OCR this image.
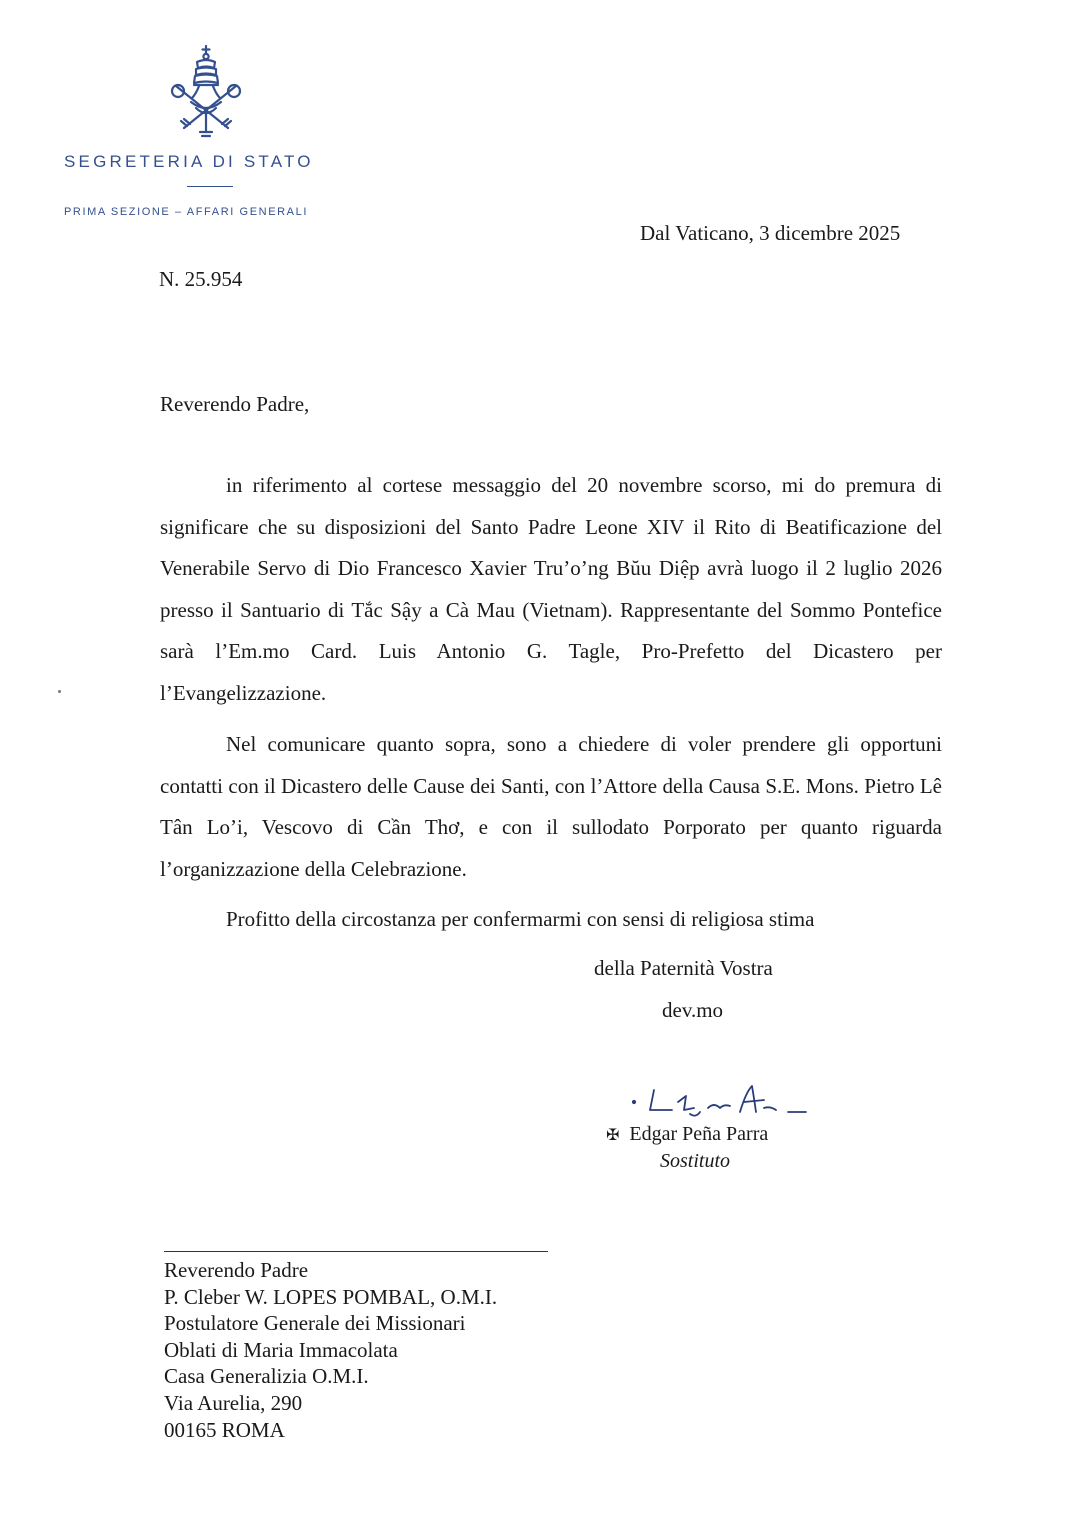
SEGRETERIA DI STATO
PRIMA SEZIONE – AFFARI GENERALI
Dal Vaticano, 3 dicembre 2025
N. 25.954
Reverendo Padre,
in riferimento al cortese messaggio del 20 novembre scorso, mi do premura di significare che su disposizioni del Santo Padre Leone XIV il Rito di Beatificazione del Venerabile Servo di Dio Francesco Xavier Tru’o’ng Bŭu Diệp avrà luogo il 2 luglio 2026 presso il Santuario di Tắc Sậy a Cà Mau (Vietnam). Rappresentante del Sommo Pontefice sarà l’Em.mo Card. Luis Antonio G. Tagle, Pro-Prefetto del Dicastero per l’Evangelizzazione.
Nel comunicare quanto sopra, sono a chiedere di voler prendere gli opportuni contatti con il Dicastero delle Cause dei Santi, con l’Attore della Causa S.E. Mons. Pietro Lê Tân Lo’i, Vescovo di Cần Thơ, e con il sullodato Porporato per quanto riguarda l’organizzazione della Celebrazione.
Profitto della circostanza per confermarmi con sensi di religiosa stima
della Paternità Vostra
dev.mo
✠ Edgar Peña Parra
Sostituto
Reverendo Padre
P. Cleber W. LOPES POMBAL, O.M.I.
Postulatore Generale dei Missionari
Oblati di Maria Immacolata
Casa Generalizia O.M.I.
Via Aurelia, 290
00165 ROMA
